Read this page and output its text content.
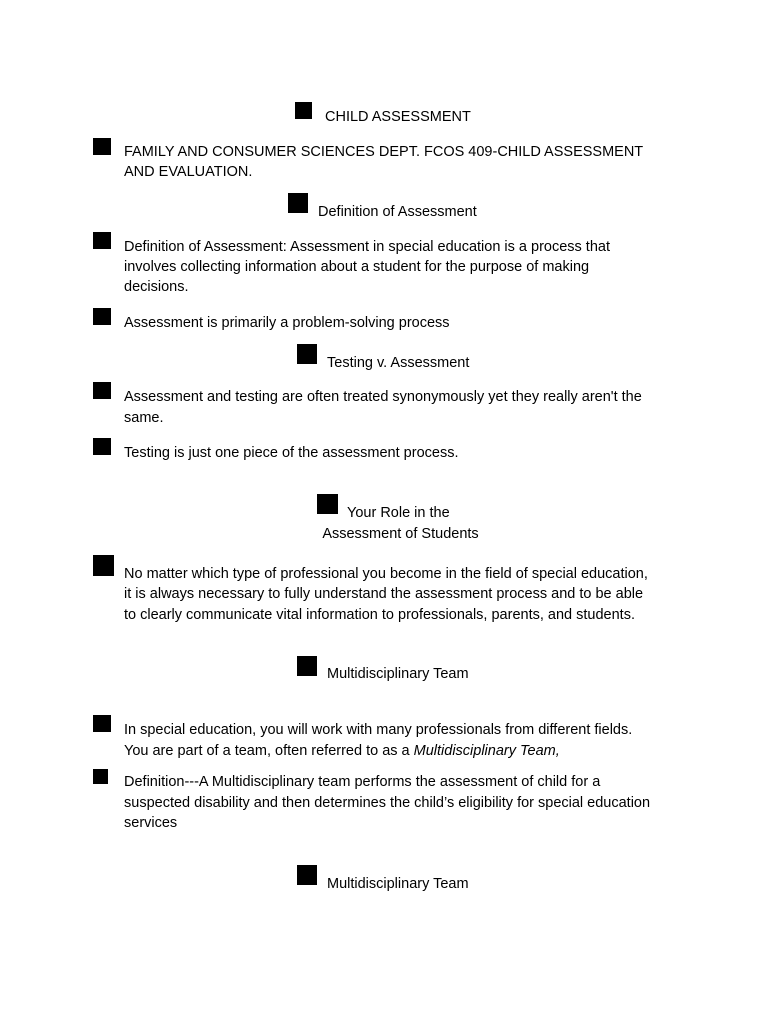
CHILD ASSESSMENT
FAMILY AND CONSUMER SCIENCES DEPT. FCOS 409-CHILD ASSESSMENT
AND EVALUATION.
Definition of Assessment
Definition of Assessment: Assessment in special education is a process that
involves collecting information about a student for the purpose of making
decisions.
Assessment is primarily a problem-solving process
Testing v. Assessment
Assessment and testing are often treated synonymously yet they really aren't the
same.
Testing is just one piece of the assessment process.
Your Role in the
Assessment of Students
No matter which type of professional you become in the field of special education,
it is always necessary to fully understand the assessment process and to be able
to clearly communicate vital information to professionals, parents, and students.
Multidisciplinary Team
In special education, you will work with many professionals from different fields.
You are part of a team, often referred to as a Multidisciplinary Team,
Definition---A Multidisciplinary team performs the assessment of child for a
suspected disability and then determines the child’s eligibility for special education
services
Multidisciplinary Team
